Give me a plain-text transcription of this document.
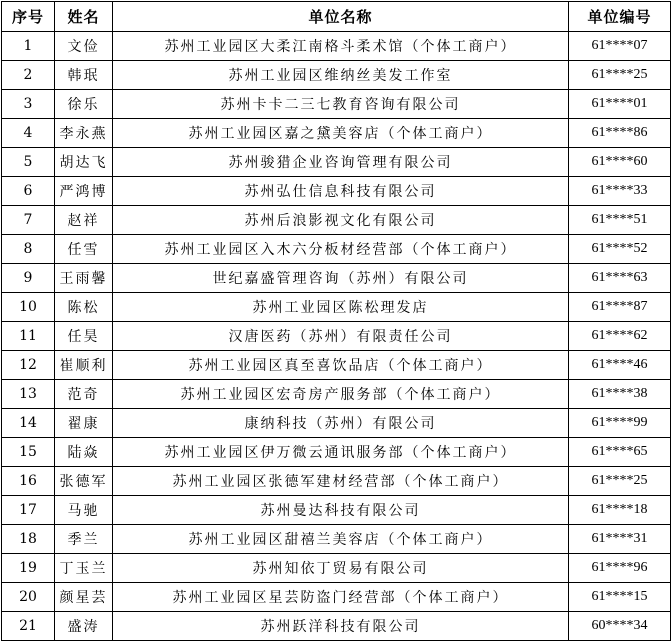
序号	姓名	单位名称	单位编号
1	文俭	苏州工业园区大柔江南格斗柔术馆（个体工商户）	61****07
2	韩珉	苏州工业园区维纳丝美发工作室	61****25
3	徐乐	苏州卡卡二三七教育咨询有限公司	61****01
4	李永燕	苏州工业园区嘉之黛美容店（个体工商户）	61****86
5	胡达飞	苏州骏猎企业咨询管理有限公司	61****60
6	严鸿博	苏州弘仕信息科技有限公司	61****33
7	赵祥	苏州后浪影视文化有限公司	61****51
8	任雪	苏州工业园区入木六分板材经营部（个体工商户）	61****52
9	王雨馨	世纪嘉盛管理咨询（苏州）有限公司	61****63
10	陈松	苏州工业园区陈松理发店	61****87
11	任昊	汉唐医药（苏州）有限责任公司	61****62
12	崔顺利	苏州工业园区真至喜饮品店（个体工商户）	61****46
13	范奇	苏州工业园区宏奇房产服务部（个体工商户）	61****38
14	翟康	康纳科技（苏州）有限公司	61****99
15	陆焱	苏州工业园区伊万微云通讯服务部（个体工商户）	61****65
16	张德军	苏州工业园区张德军建材经营部（个体工商户）	61****25
17	马驰	苏州曼达科技有限公司	61****18
18	季兰	苏州工业园区甜禧兰美容店（个体工商户）	61****31
19	丁玉兰	苏州知依丁贸易有限公司	61****96
20	颜星芸	苏州工业园区星芸防盗门经营部（个体工商户）	61****15
21	盛涛	苏州跃洋科技有限公司	60****34
